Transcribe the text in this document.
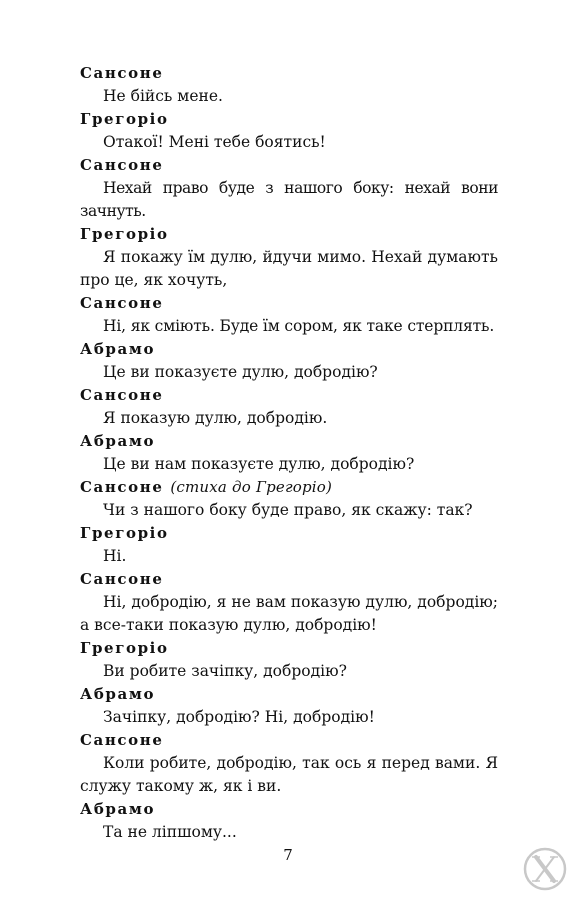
Сансоне
Не бійсь мене.
Грегоріо
Отакої! Мені тебе боятись!
Сансоне
Нехай право буде з нашого боку: нехай вони зачнуть.
Грегоріо
Я покажу їм дулю, йдучи мимо. Нехай думають про це, як хочуть,
Сансоне
Ні, як сміють. Буде їм сором, як таке стерплять.
Абрамо
Це ви показуєте дулю, добродію?
Сансоне
Я показую дулю, добродію.
Абрамо
Це ви нам показуєте дулю, добродію?
Сансоне (стиха до Грегоріо)
Чи з нашого боку буде право, як скажу: так?
Грегоріо
Ні.
Сансоне
Ні, добродію, я не вам показую дулю, добродію; а все-таки показую дулю, добродію!
Грегоріо
Ви робите зачіпку, добродію?
Абрамо
Зачіпку, добродію? Ні, добродію!
Сансоне
Коли робите, добродію, так ось я перед вами. Я служу такому ж, як і ви.
Абрамо
Та не ліпшому...
7
